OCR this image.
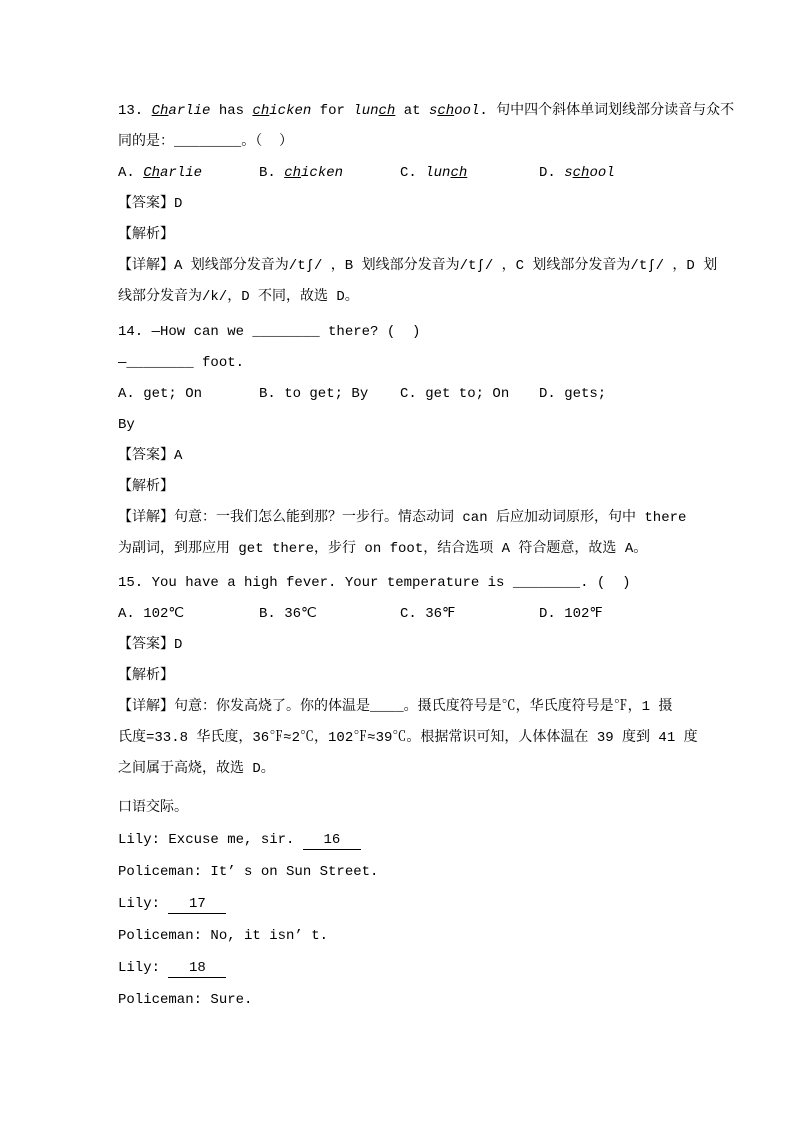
13. Charlie has chicken for lunch at school. 句中四个斜体单词划线部分读音与众不
同的是：________。（  ）
A. Charlie	B. chicken	C. lunch	D. school
【答案】D
【解析】
【详解】A 划线部分发音为/tʃ/ ，B 划线部分发音为/tʃ/ ，C 划线部分发音为/tʃ/ ，D 划
线部分发音为/k/，D 不同，故选 D。
14. —How can we ________ there? (  )
—________ foot.
A. get; On	B. to get; By	C. get to; On	D. gets;
By
【答案】A
【解析】
【详解】句意：一我们怎么能到那？一步行。情态动词 can 后应加动词原形，句中 there
为副词，到那应用 get there，步行 on foot，结合选项 A 符合题意，故选 A。
15. You have a high fever. Your temperature is ________. (  )
A. 102℃	B. 36℃	C. 36℉	D. 102℉
【答案】D
【解析】
【详解】句意：你发高烧了。你的体温是____。摄氏度符号是℃，华氏度符号是℉，1 摄
氏度=33.8 华氏度，36℉≈2℃，102℉≈39℃。根据常识可知，人体体温在 39 度到 41 度
之间属于高烧，故选 D。
口语交际。
Lily: Excuse me, sir. 16
Policeman: It’ s on Sun Street.
Lily: 17
Policeman: No, it isn’ t.
Lily: 18
Policeman: Sure.
